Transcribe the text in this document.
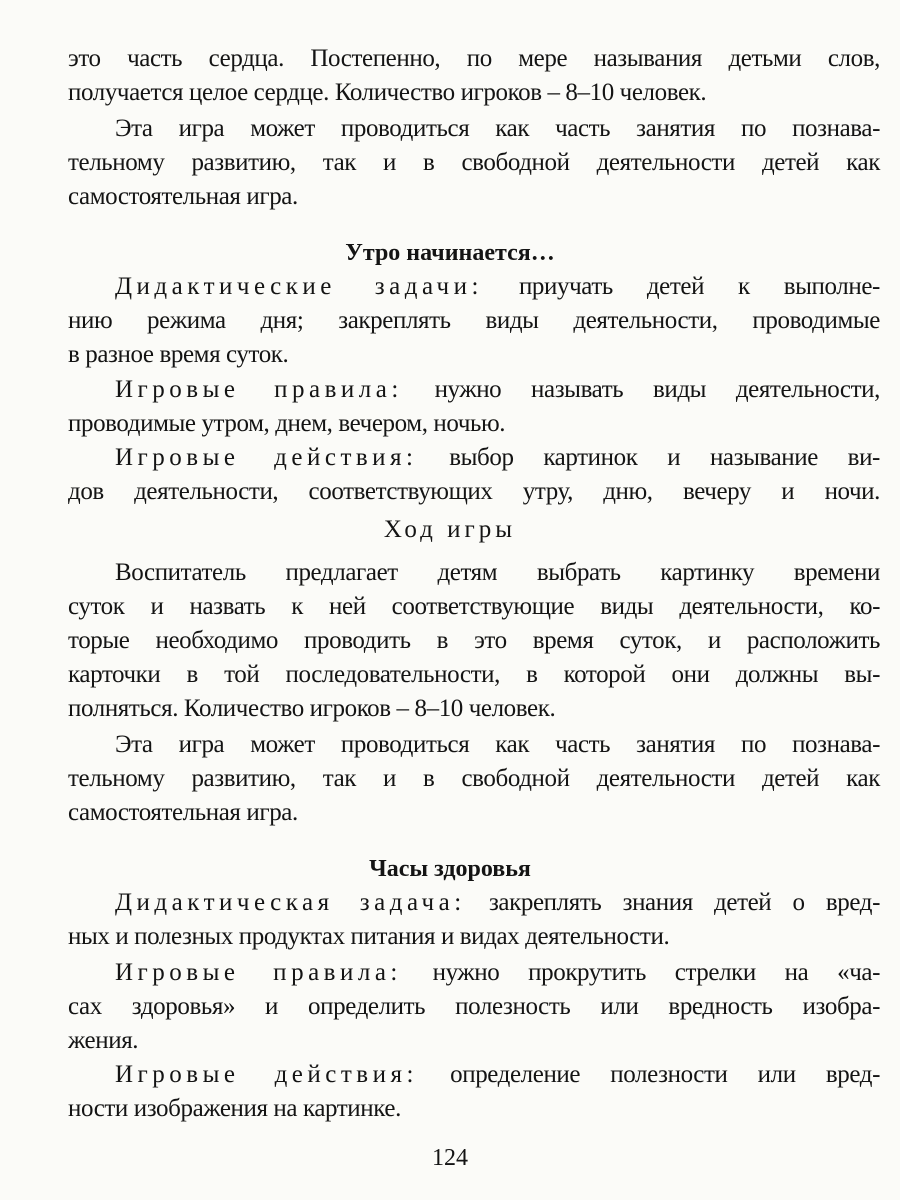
это часть сердца. Постепенно, по мере называния детьми слов,
получается целое сердце. Количество игроков – 8–10 человек.
Эта игра может проводиться как часть занятия по познава-
тельному развитию, так и в свободной деятельности детей как
самостоятельная игра.
Утро начинается…
Дидактические задачи: приучать детей к выполне-
нию режима дня; закреплять виды деятельности, проводимые
в разное время суток.
Игровые правила: нужно называть виды деятельности,
проводимые утром, днем, вечером, ночью.
Игровые действия: выбор картинок и называние ви-
дов деятельности, соответствующих утру, дню, вечеру и ночи.
Ход игры
Воспитатель предлагает детям выбрать картинку времени
суток и назвать к ней соответствующие виды деятельности, ко-
торые необходимо проводить в это время суток, и расположить
карточки в той последовательности, в которой они должны вы-
полняться. Количество игроков – 8–10 человек.
Эта игра может проводиться как часть занятия по познава-
тельному развитию, так и в свободной деятельности детей как
самостоятельная игра.
Часы здоровья
Дидактическая задача: закреплять знания детей о вред-
ных и полезных продуктах питания и видах деятельности.
Игровые правила: нужно прокрутить стрелки на «ча-
сах здоровья» и определить полезность или вредность изобра-
жения.
Игровые действия: определение полезности или вред-
ности изображения на картинке.
124
